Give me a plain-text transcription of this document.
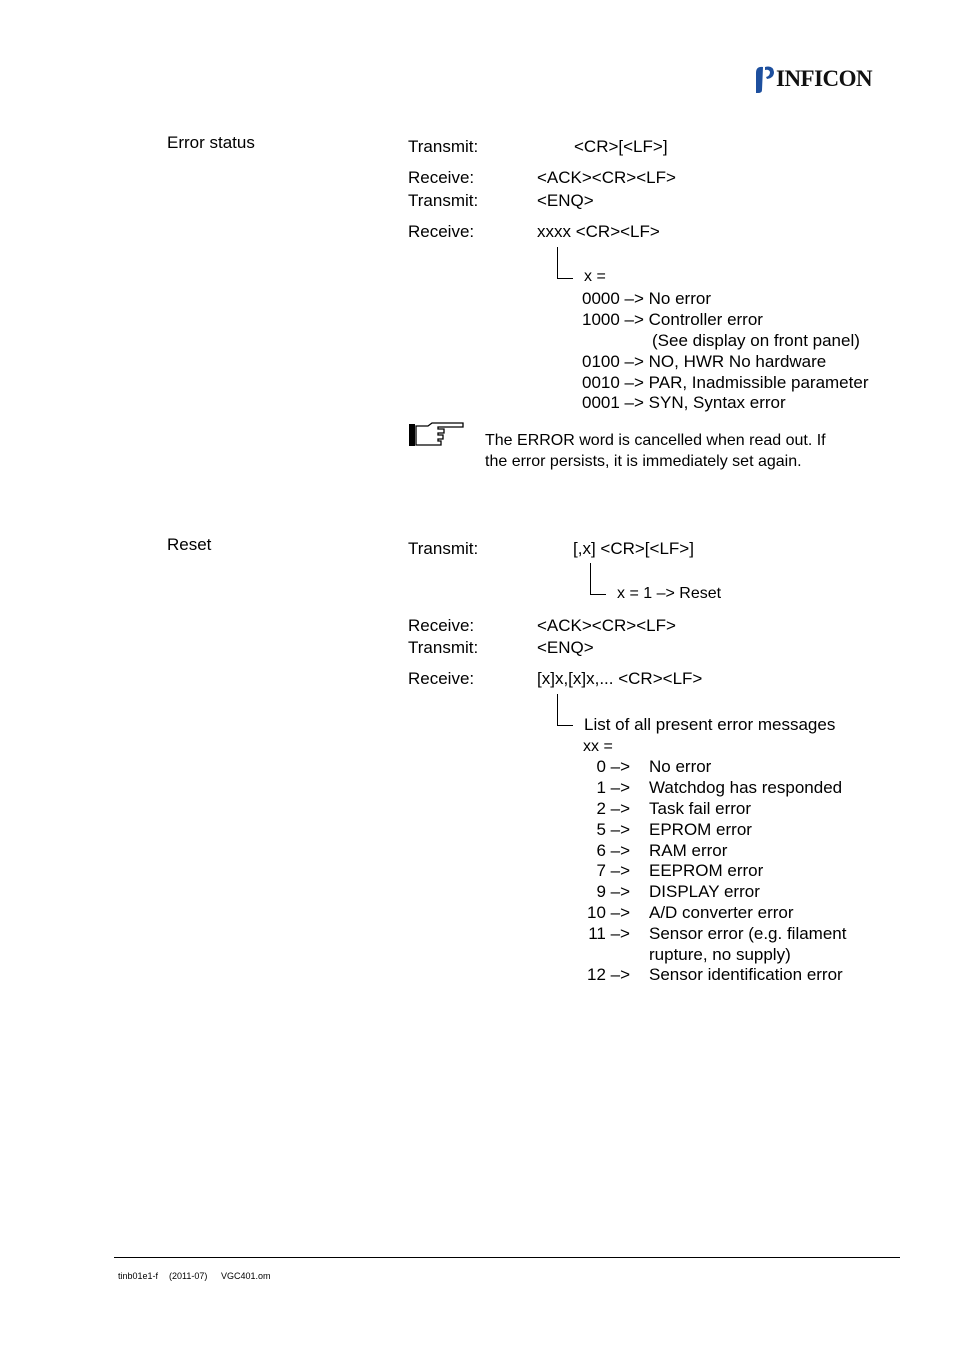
INFICON
Error status	Transmit:	<CR>[<LF>]
Receive:	<ACK><CR><LF>
Transmit:	<ENQ>
Receive:	xxxx <CR><LF>
x =
0000 –> No error
1000 –> Controller error
(See display on front panel)
0100 –> NO, HWR No hardware
0010 –> PAR, Inadmissible parameter
0001 –> SYN, Syntax error
The ERROR word is cancelled when read out. If
the error persists, it is immediately set again.
Reset	Transmit:	[,x] <CR>[<LF>]
x = 1 –> Reset
Receive:	<ACK><CR><LF>
Transmit:	<ENQ>
Receive:	[x]x,[x]x,... <CR><LF>
List of all present error messages
xx =
0 –> No error
1 –> Watchdog has responded
2 –> Task fail error
5 –> EPROM error
6 –> RAM error
7 –> EEPROM error
9 –> DISPLAY error
10 –> A/D converter error
11 –> Sensor error (e.g. filament
rupture, no supply)
12 –> Sensor identification error
tinb01e1-f (2011-07) VGC401.om
